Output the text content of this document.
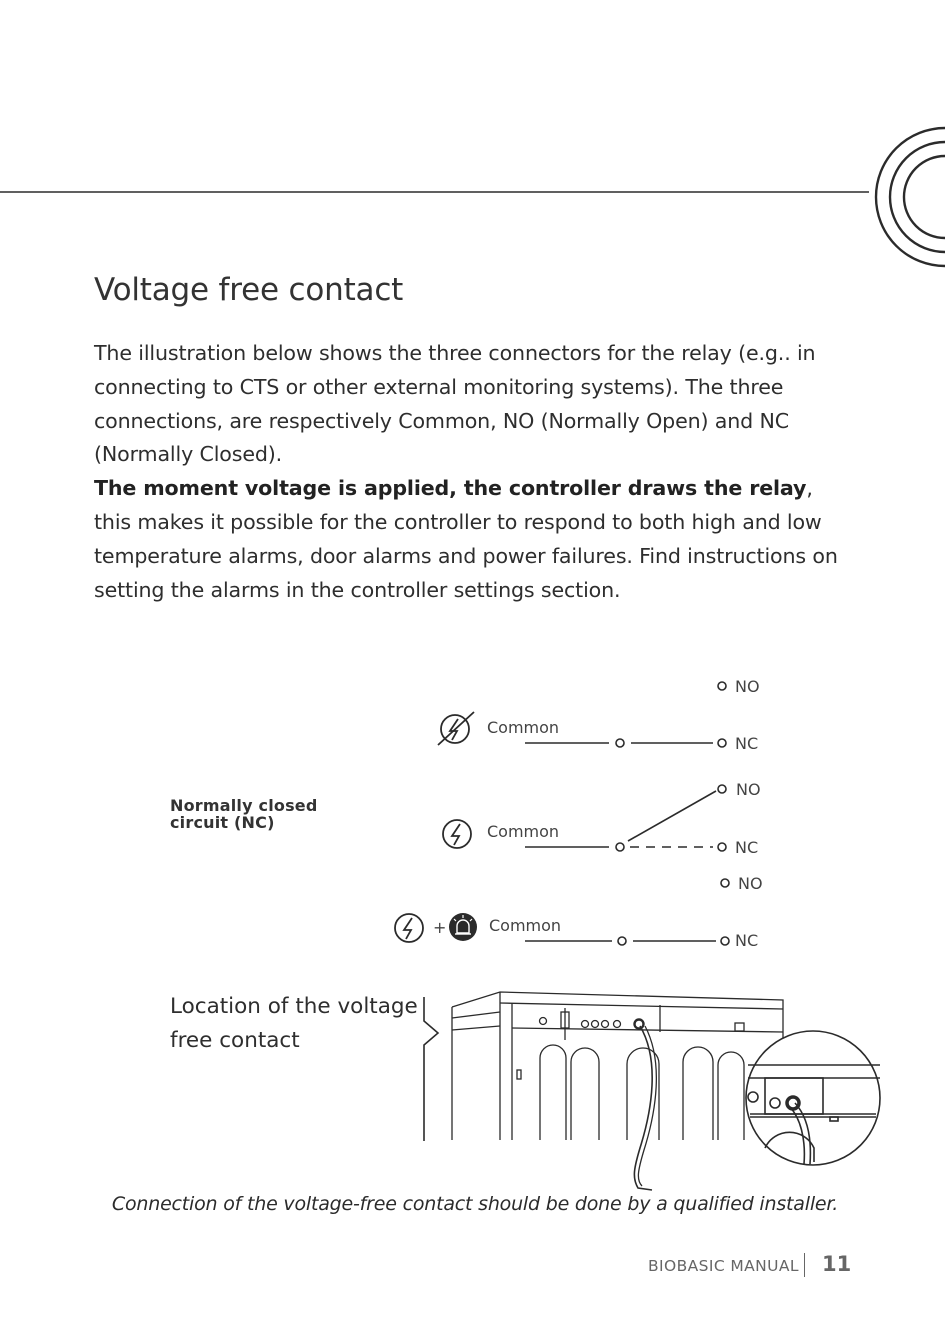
Voltage free contact

The illustration below shows the three connectors for the relay (e.g.. in connecting to CTS or other external monitoring systems). The three connections, are respectively Common, NO (Normally Open) and NC (Normally Closed).

The moment voltage is applied, the controller draws the relay, this makes it possible for the controller to respond to both high and low temperature alarms, door alarms and power failures. Find instructions on setting the alarms in the controller settings section.

Normally closed
circuit (NC)
Location of the voltage
free contact
NO
Common
NC
NO
Common
NC
NO
+	Common
NC

Connection of the voltage-free contact should be done by a qualified installer.

BIOBASIC MANUAL 11
